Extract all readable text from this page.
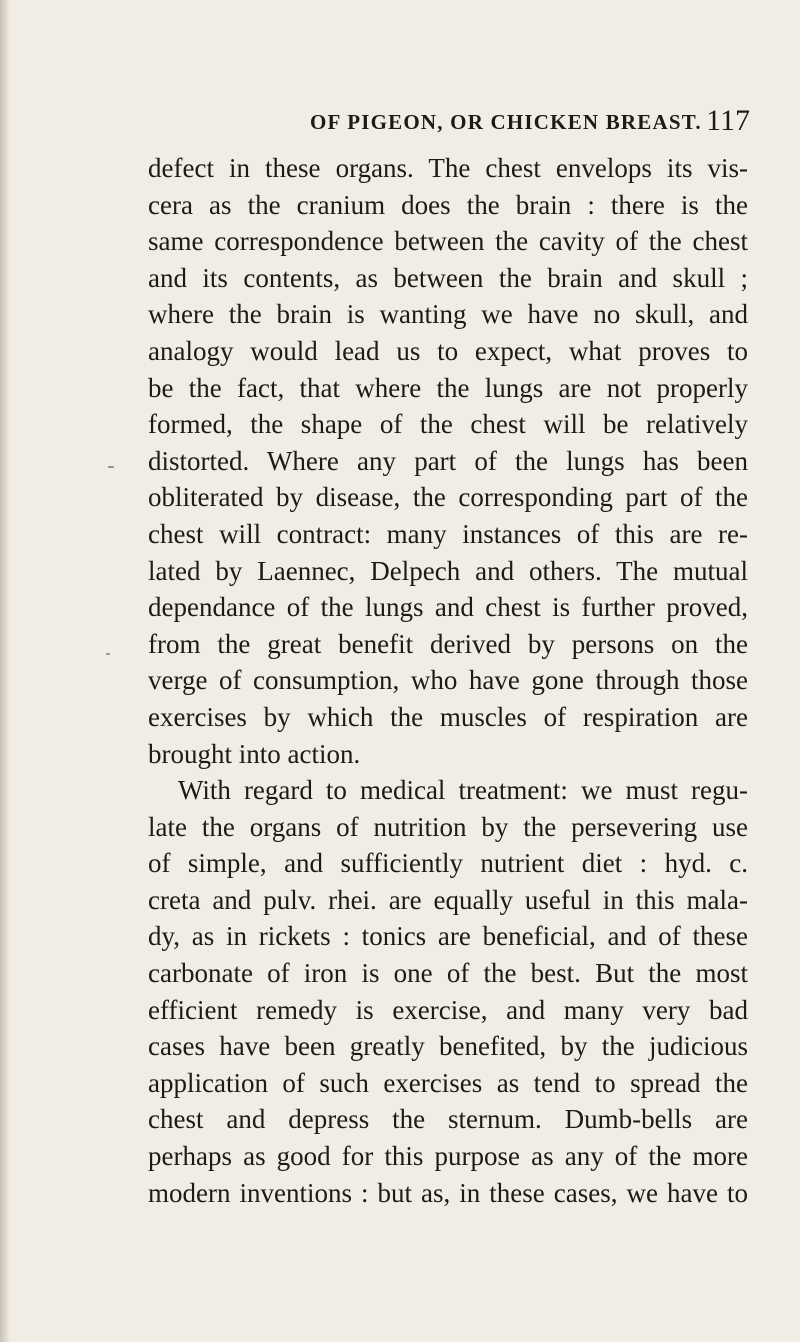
OF PIGEON, OR CHICKEN BREAST. 117
defect in these organs. The chest envelops its vis-
cera as the cranium does the brain : there is the
same correspondence between the cavity of the chest
and its contents, as between the brain and skull ;
where the brain is wanting we have no skull, and
analogy would lead us to expect, what proves to
be the fact, that where the lungs are not properly
formed, the shape of the chest will be relatively
distorted. Where any part of the lungs has been
obliterated by disease, the corresponding part of the
chest will contract: many instances of this are re-
lated by Laennec, Delpech and others. The mutual
dependance of the lungs and chest is further proved,
from the great benefit derived by persons on the
verge of consumption, who have gone through those
exercises by which the muscles of respiration are
brought into action.
With regard to medical treatment: we must regu-
late the organs of nutrition by the persevering use
of simple, and sufficiently nutrient diet : hyd. c.
creta and pulv. rhei. are equally useful in this mala-
dy, as in rickets : tonics are beneficial, and of these
carbonate of iron is one of the best. But the most
efficient remedy is exercise, and many very bad
cases have been greatly benefited, by the judicious
application of such exercises as tend to spread the
chest and depress the sternum. Dumb-bells are
perhaps as good for this purpose as any of the more
modern inventions : but as, in these cases, we have to
